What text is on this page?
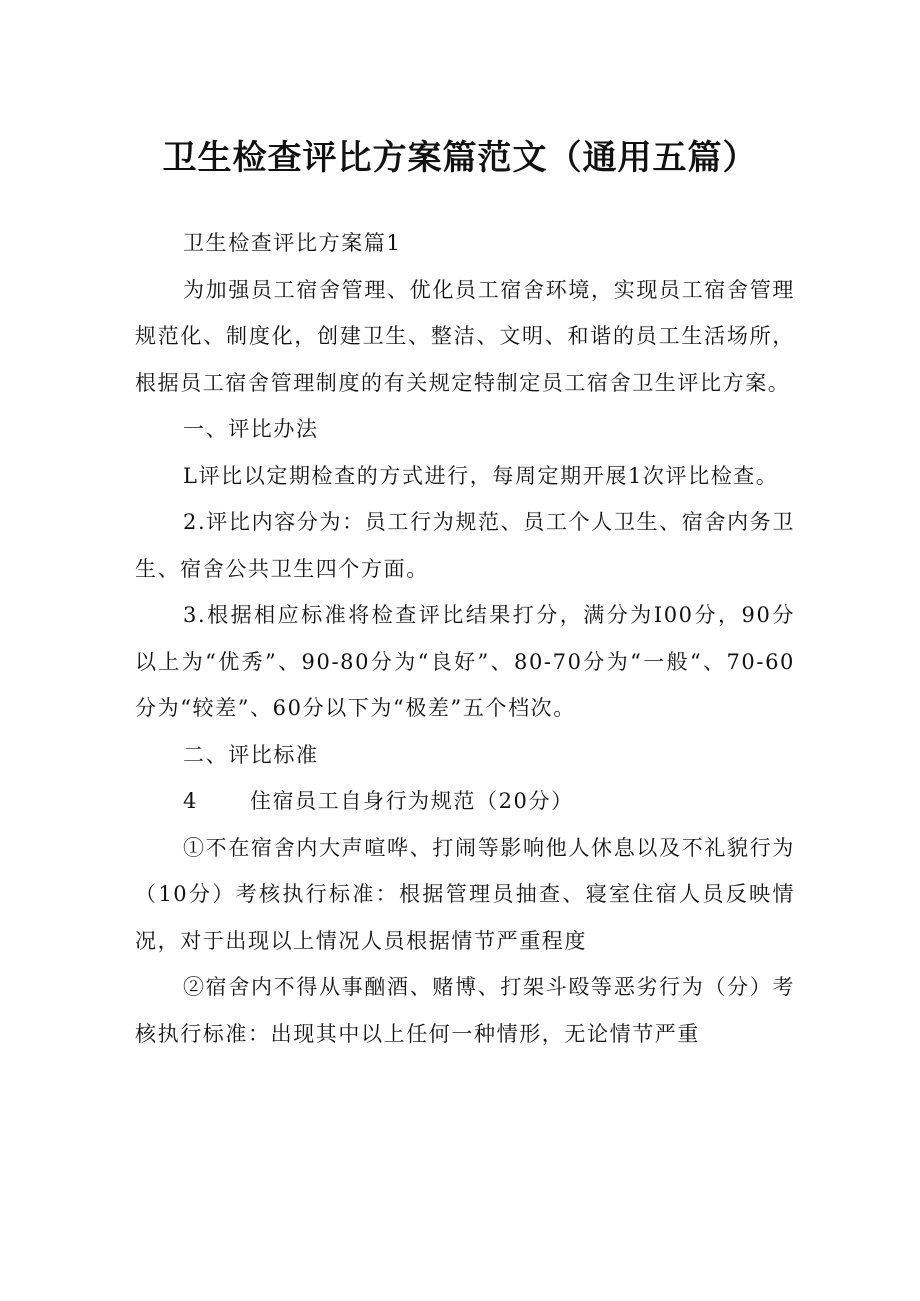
卫生检查评比方案篇范文（通用五篇）

卫生检查评比方案篇1

为加强员工宿舍管理、优化员工宿舍环境，实现员工宿舍管理规范化、制度化，创建卫生、整洁、文明、和谐的员工生活场所，根据员工宿舍管理制度的有关规定特制定员工宿舍卫生评比方案。

一、评比办法

L评比以定期检查的方式进行，每周定期开展1次评比检查。

2.评比内容分为：员工行为规范、员工个人卫生、宿舍内务卫生、宿舍公共卫生四个方面。

3.根据相应标准将检查评比结果打分，满分为I00分，90分以上为“优秀”、90-80分为“良好”、80-70分为“一般“、70-60分为“较差”、60分以下为“极差”五个档次。

二、评比标准

4 住宿员工自身行为规范（20分）

①不在宿舍内大声喧哗、打闹等影响他人休息以及不礼貌行为（10分）考核执行标准：根据管理员抽查、寝室住宿人员反映情况，对于出现以上情况人员根据情节严重程度

②宿舍内不得从事酗酒、赌博、打架斗殴等恶劣行为（分）考核执行标准：出现其中以上任何一种情形，无论情节严重
